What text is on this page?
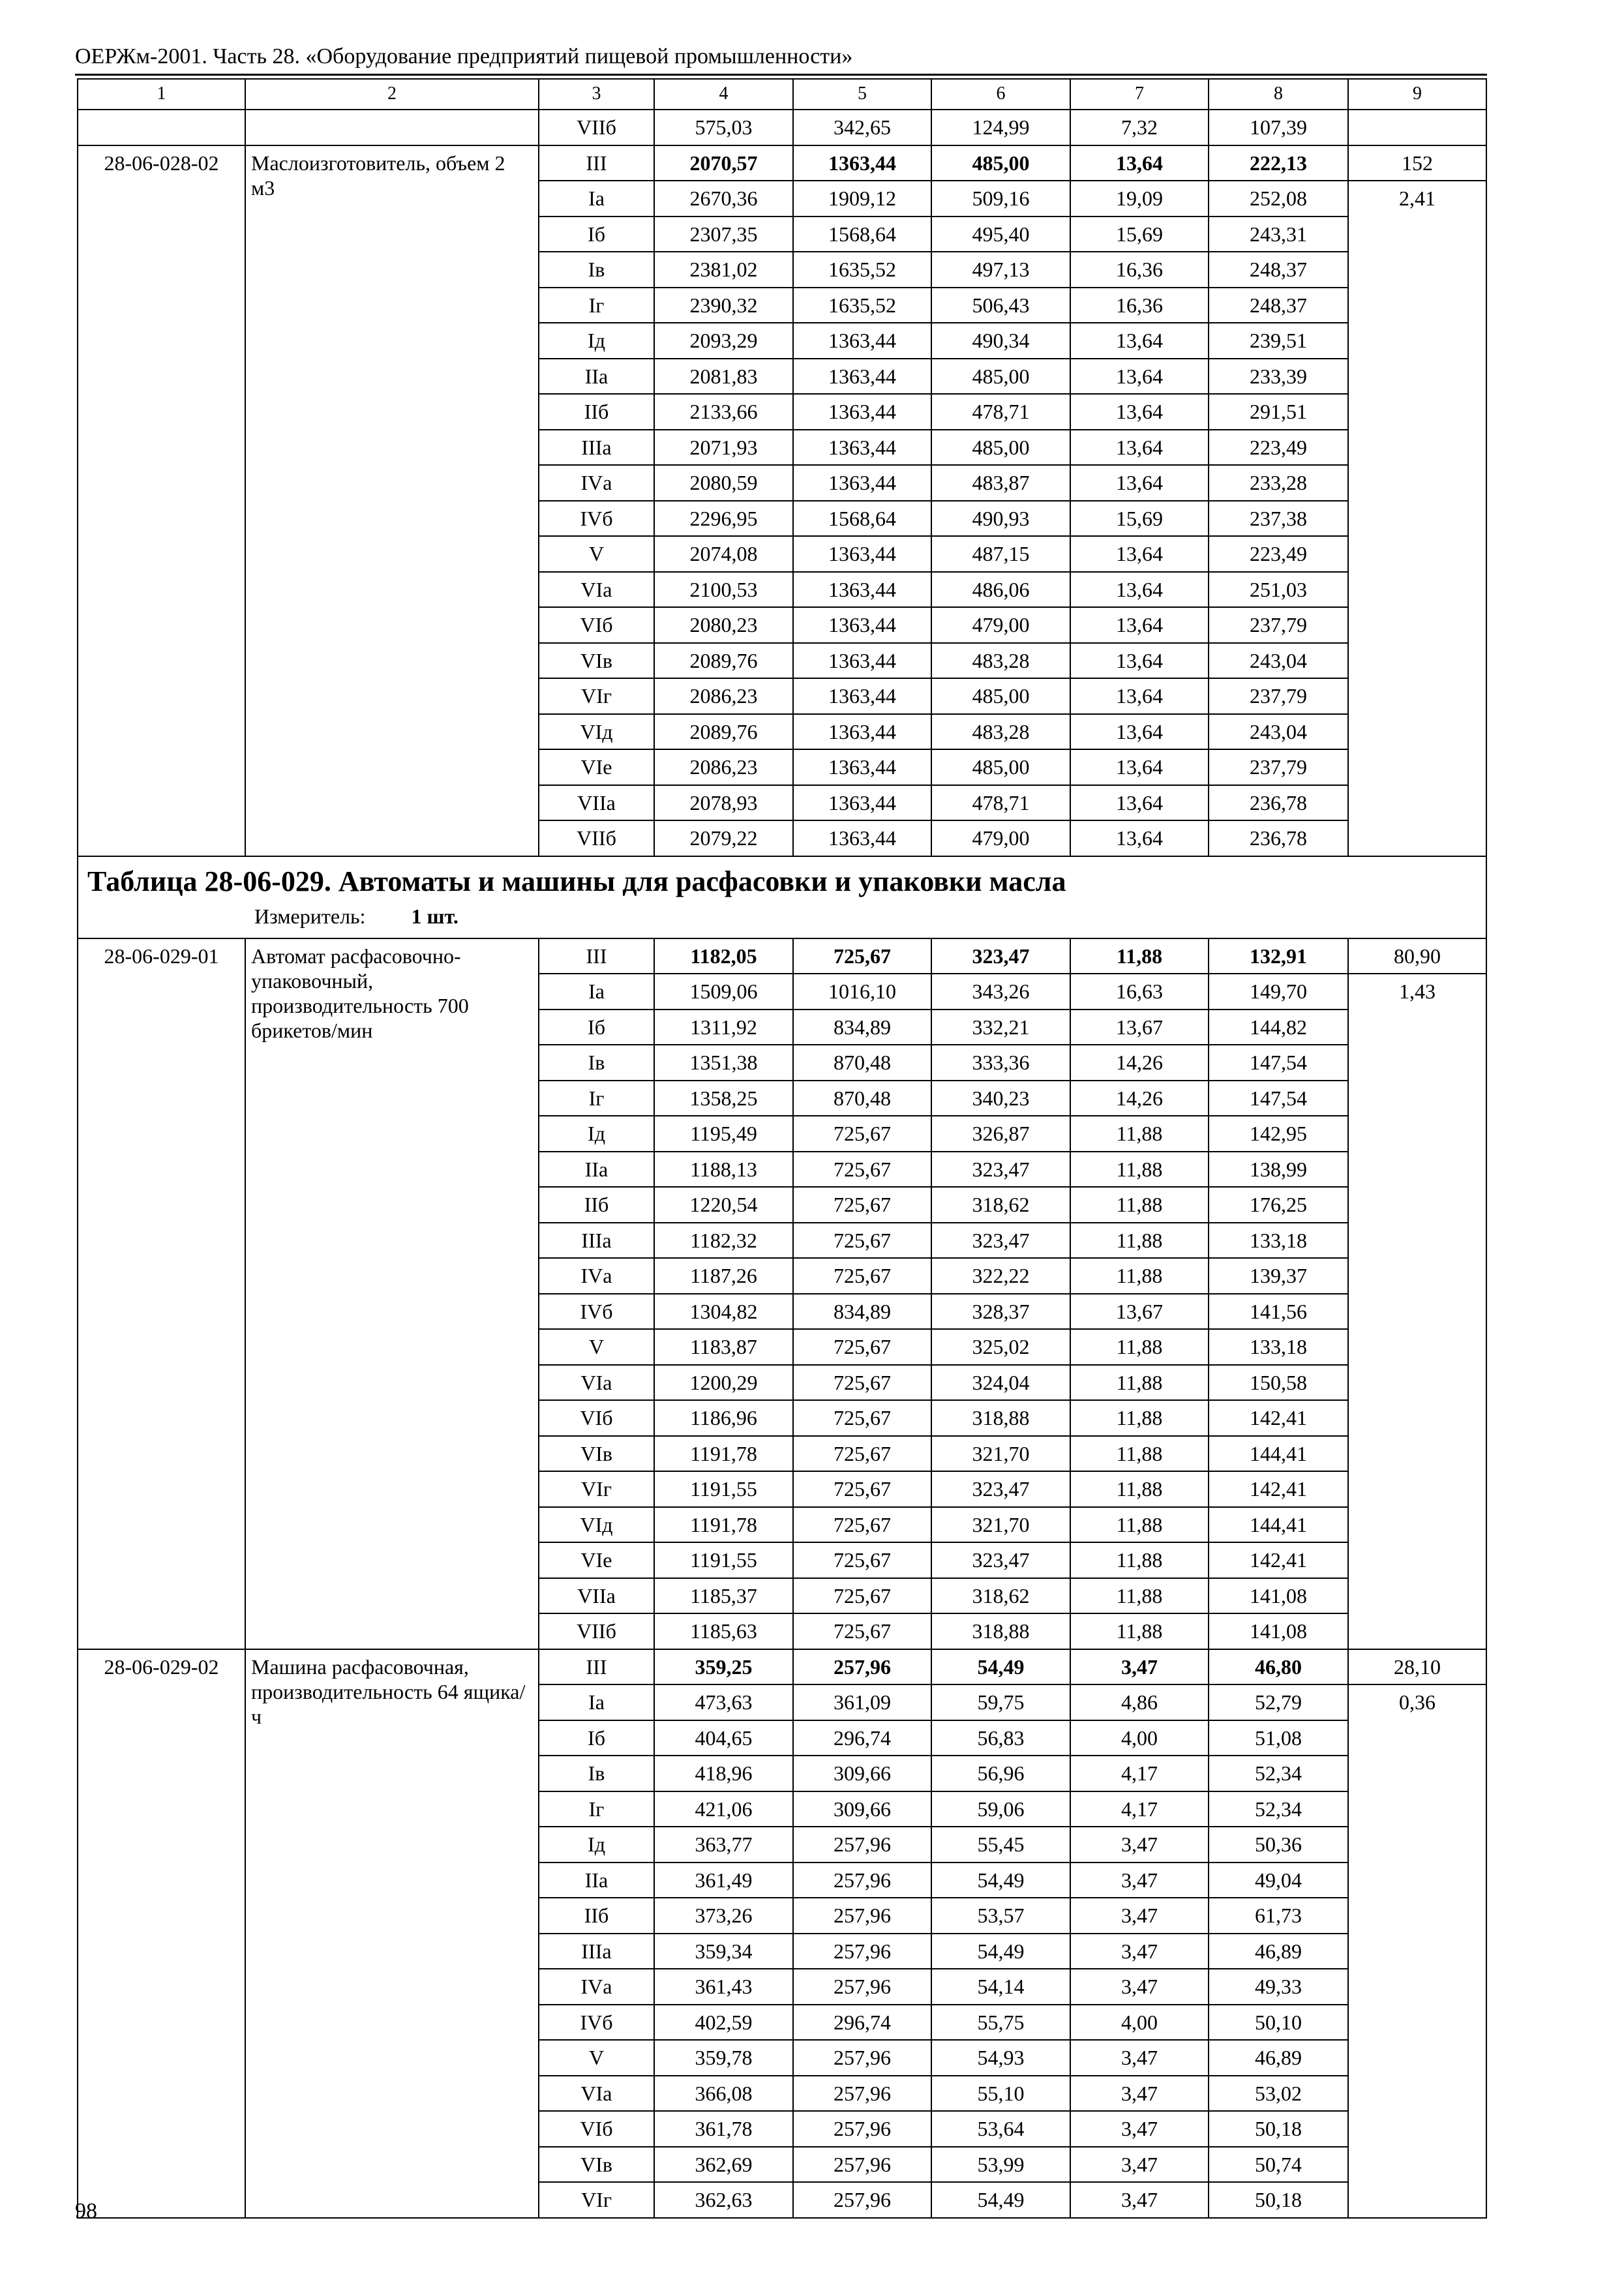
ОЕРЖм-2001. Часть 28. «Оборудование предприятий пищевой промышленности»
1	2	3	4	5	6	7	8	9
		VIIб	575,03	342,65	124,99	7,32	107,39	
28-06-028-02	Маслоизготовитель, объем 2 м3	III	2070,57	1363,44	485,00	13,64	222,13	152
		Iа	2670,36	1909,12	509,16	19,09	252,08	2,41
		Iб	2307,35	1568,64	495,40	15,69	243,31	
		Iв	2381,02	1635,52	497,13	16,36	248,37	
		Iг	2390,32	1635,52	506,43	16,36	248,37	
		Iд	2093,29	1363,44	490,34	13,64	239,51	
		IIа	2081,83	1363,44	485,00	13,64	233,39	
		IIб	2133,66	1363,44	478,71	13,64	291,51	
		IIIа	2071,93	1363,44	485,00	13,64	223,49	
		IVа	2080,59	1363,44	483,87	13,64	233,28	
		IVб	2296,95	1568,64	490,93	15,69	237,38	
		V	2074,08	1363,44	487,15	13,64	223,49	
		VIа	2100,53	1363,44	486,06	13,64	251,03	
		VIб	2080,23	1363,44	479,00	13,64	237,79	
		VIв	2089,76	1363,44	483,28	13,64	243,04	
		VIг	2086,23	1363,44	485,00	13,64	237,79	
		VIд	2089,76	1363,44	483,28	13,64	243,04	
		VIе	2086,23	1363,44	485,00	13,64	237,79	
		VIIа	2078,93	1363,44	478,71	13,64	236,78	
		VIIб	2079,22	1363,44	479,00	13,64	236,78	

Таблица 28-06-029. Автоматы и машины для расфасовки и упаковки масла
Измеритель: 1 шт.								

28-06-029-01	Автомат расфасовочно-упаковочный, производительность 700 брикетов/мин	III	1182,05	725,67	323,47	11,88	132,91	80,90
		Iа	1509,06	1016,10	343,26	16,63	149,70	1,43
		Iб	1311,92	834,89	332,21	13,67	144,82	
		Iв	1351,38	870,48	333,36	14,26	147,54	
		Iг	1358,25	870,48	340,23	14,26	147,54	
		Iд	1195,49	725,67	326,87	11,88	142,95	
		IIа	1188,13	725,67	323,47	11,88	138,99	
		IIб	1220,54	725,67	318,62	11,88	176,25	
		IIIа	1182,32	725,67	323,47	11,88	133,18	
		IVа	1187,26	725,67	322,22	11,88	139,37	
		IVб	1304,82	834,89	328,37	13,67	141,56	
		V	1183,87	725,67	325,02	11,88	133,18	
		VIа	1200,29	725,67	324,04	11,88	150,58	
		VIб	1186,96	725,67	318,88	11,88	142,41	
		VIв	1191,78	725,67	321,70	11,88	144,41	
		VIг	1191,55	725,67	323,47	11,88	142,41	
		VIд	1191,78	725,67	321,70	11,88	144,41	
		VIе	1191,55	725,67	323,47	11,88	142,41	
		VIIа	1185,37	725,67	318,62	11,88	141,08	
		VIIб	1185,63	725,67	318,88	11,88	141,08	
28-06-029-02	Машина расфасовочная, производительность 64 ящика/ч	III	359,25	257,96	54,49	3,47	46,80	28,10
		Iа	473,63	361,09	59,75	4,86	52,79	0,36
		Iб	404,65	296,74	56,83	4,00	51,08	
		Iв	418,96	309,66	56,96	4,17	52,34	
		Iг	421,06	309,66	59,06	4,17	52,34	
		Iд	363,77	257,96	55,45	3,47	50,36	
		IIа	361,49	257,96	54,49	3,47	49,04	
		IIб	373,26	257,96	53,57	3,47	61,73	
		IIIа	359,34	257,96	54,49	3,47	46,89	
		IVа	361,43	257,96	54,14	3,47	49,33	
		IVб	402,59	296,74	55,75	4,00	50,10	
		V	359,78	257,96	54,93	3,47	46,89	
		VIа	366,08	257,96	55,10	3,47	53,02	
		VIб	361,78	257,96	53,64	3,47	50,18	
		VIв	362,69	257,96	53,99	3,47	50,74	
		VIг	362,63	257,96	54,49	3,47	50,18	
98
